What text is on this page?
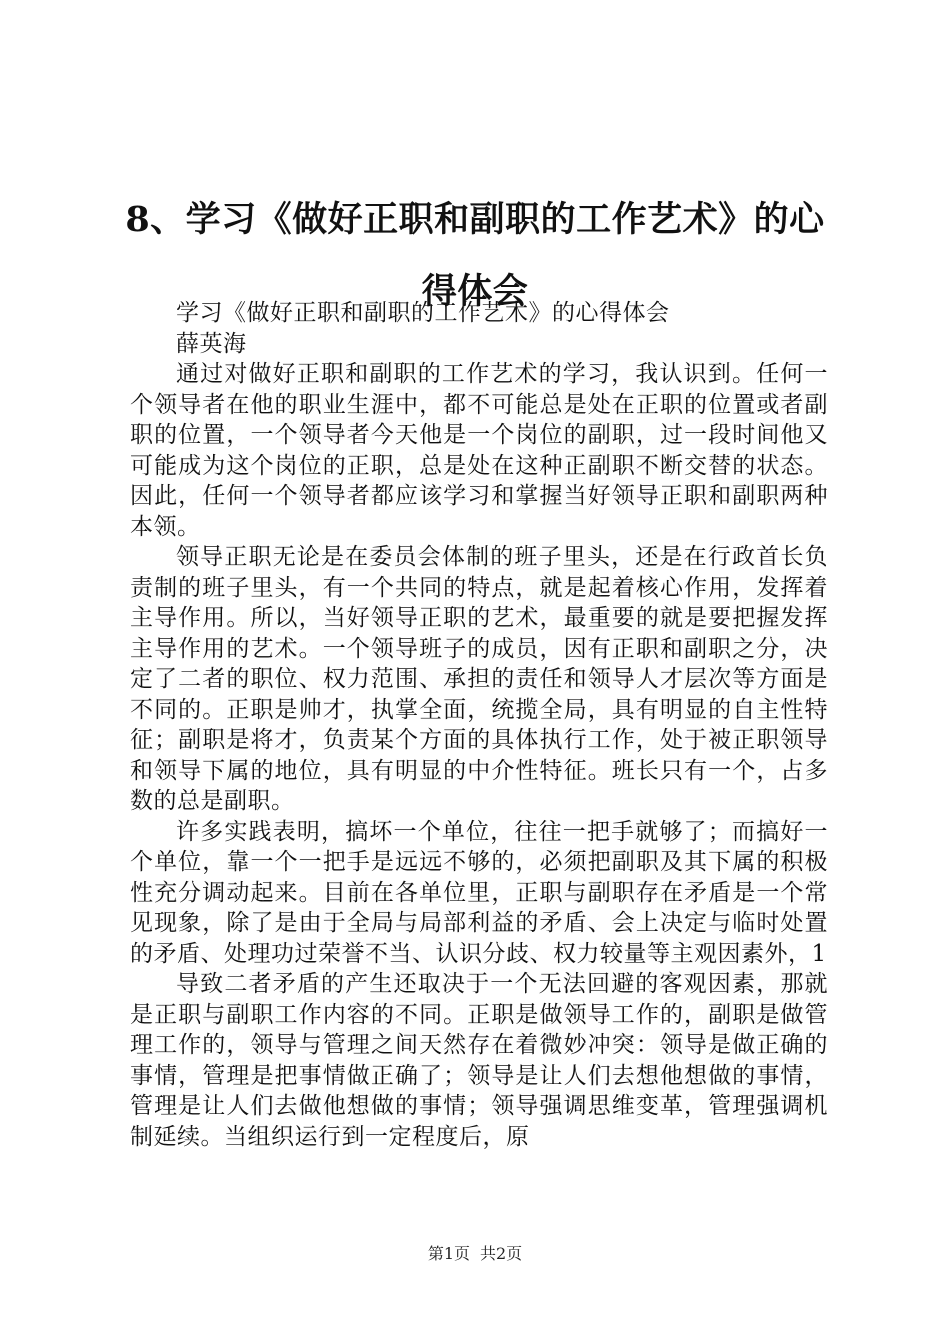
8、学习《做好正职和副职的工作艺术》的心得体会

学习《做好正职和副职的工作艺术》的心得体会

薛英海

通过对做好正职和副职的工作艺术的学习，我认识到。任何一个领导者在他的职业生涯中，都不可能总是处在正职的位置或者副职的位置，一个领导者今天他是一个岗位的副职，过一段时间他又可能成为这个岗位的正职，总是处在这种正副职不断交替的状态。因此，任何一个领导者都应该学习和掌握当好领导正职和副职两种本领。

领导正职无论是在委员会体制的班子里头，还是在行政首长负责制的班子里头，有一个共同的特点，就是起着核心作用，发挥着主导作用。所以，当好领导正职的艺术，最重要的就是要把握发挥主导作用的艺术。一个领导班子的成员，因有正职和副职之分，决定了二者的职位、权力范围、承担的责任和领导人才层次等方面是不同的。正职是帅才，执掌全面，统揽全局，具有明显的自主性特征；副职是将才，负责某个方面的具体执行工作，处于被正职领导和领导下属的地位，具有明显的中介性特征。班长只有一个，占多数的总是副职。

许多实践表明，搞坏一个单位，往往一把手就够了；而搞好一个单位，靠一个一把手是远远不够的，必须把副职及其下属的积极性充分调动起来。目前在各单位里，正职与副职存在矛盾是一个常见现象，除了是由于全局与局部利益的矛盾、会上决定与临时处置的矛盾、处理功过荣誉不当、认识分歧、权力较量等主观因素外，1

导致二者矛盾的产生还取决于一个无法回避的客观因素，那就是正职与副职工作内容的不同。正职是做领导工作的，副职是做管理工作的，领导与管理之间天然存在着微妙冲突：领导是做正确的事情，管理是把事情做正确了；领导是让人们去想他想做的事情，管理是让人们去做他想做的事情；领导强调思维变革，管理强调机制延续。当组织运行到一定程度后，原

第1页 共2页
